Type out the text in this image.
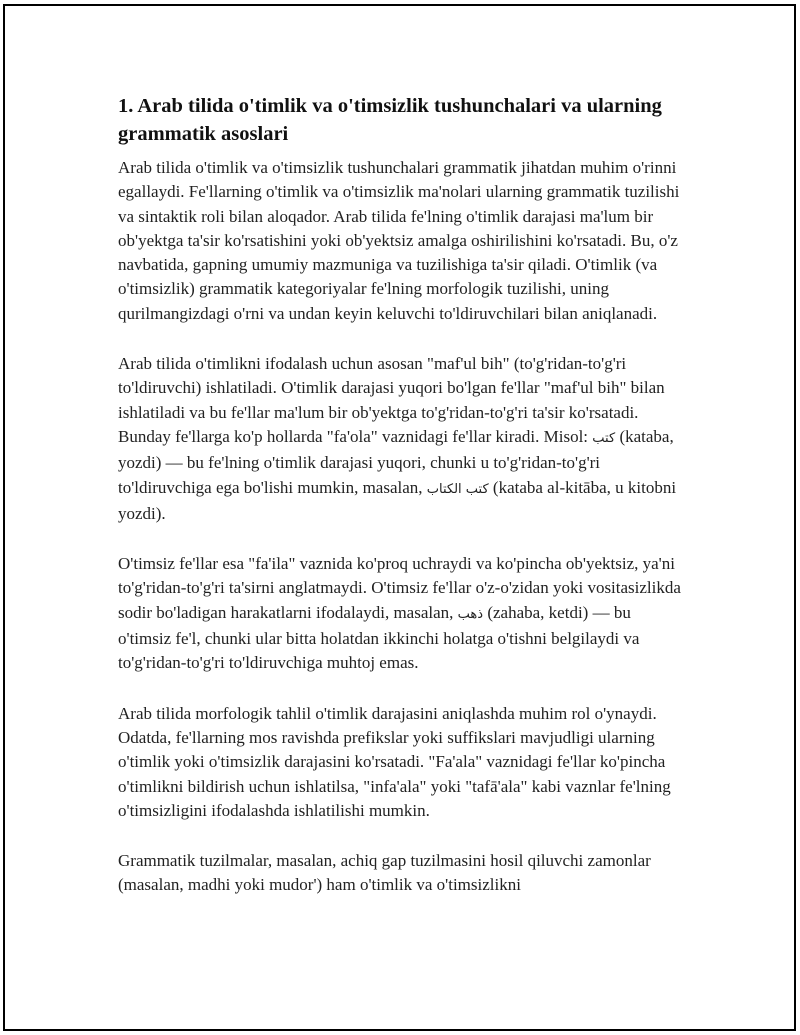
1. Arab tilida o'timlik va o'timsizlik tushunchalari va ularning grammatik asoslari

Arab tilida o'timlik va o'timsizlik tushunchalari grammatik jihatdan muhim o'rinni egallaydi. Fe'llarning o'timlik va o'timsizlik ma'nolari ularning grammatik tuzilishi va sintaktik roli bilan aloqador. Arab tilida fe'lning o'timlik darajasi ma'lum bir ob'yektga ta'sir ko'rsatishini yoki ob'yektsiz amalga oshirilishini ko'rsatadi. Bu, o'z navbatida, gapning umumiy mazmuniga va tuzilishiga ta'sir qiladi. O'timlik (va o'timsizlik) grammatik kategoriyalar fe'lning morfologik tuzilishi, uning qurilmangizdagi o'rni va undan keyin keluvchi to'ldiruvchilari bilan aniqlanadi.

Arab tilida o'timlikni ifodalash uchun asosan "maf'ul bih" (to'g'ridan-to'g'ri to'ldiruvchi) ishlatiladi. O'timlik darajasi yuqori bo'lgan fe'llar "maf'ul bih" bilan ishlatiladi va bu fe'llar ma'lum bir ob'yektga to'g'ridan-to'g'ri ta'sir ko'rsatadi. Bunday fe'llarga ko'p hollarda "fa'ola" vaznidagi fe'llar kiradi. Misol: كتب (kataba, yozdi) — bu fe'lning o'timlik darajasi yuqori, chunki u to'g'ridan-to'g'ri to'ldiruvchiga ega bo'lishi mumkin, masalan, كتب الكتاب (kataba al-kitāba, u kitobni yozdi).

O'timsiz fe'llar esa "fa'ila" vaznida ko'proq uchraydi va ko'pincha ob'yektsiz, ya'ni to'g'ridan-to'g'ri ta'sirni anglatmaydi. O'timsiz fe'llar o'z-o'zidan yoki vositasizlikda sodir bo'ladigan harakatlarni ifodalaydi, masalan, ذهب (zahaba, ketdi) — bu o'timsiz fe'l, chunki ular bitta holatdan ikkinchi holatga o'tishni belgilaydi va to'g'ridan-to'g'ri to'ldiruvchiga muhtoj emas.

Arab tilida morfologik tahlil o'timlik darajasini aniqlashda muhim rol o'ynaydi. Odatda, fe'llarning mos ravishda prefikslar yoki suffikslari mavjudligi ularning o'timlik yoki o'timsizlik darajasini ko'rsatadi. "Fa'ala" vaznidagi fe'llar ko'pincha o'timlikni bildirish uchun ishlatilsa, "infa'ala" yoki "tafā'ala" kabi vaznlar fe'lning o'timsizligini ifodalashda ishlatilishi mumkin.

Grammatik tuzilmalar, masalan, achiq gap tuzilmasini hosil qiluvchi zamonlar (masalan, madhi yoki mudor') ham o'timlik va o'timsizlikni
